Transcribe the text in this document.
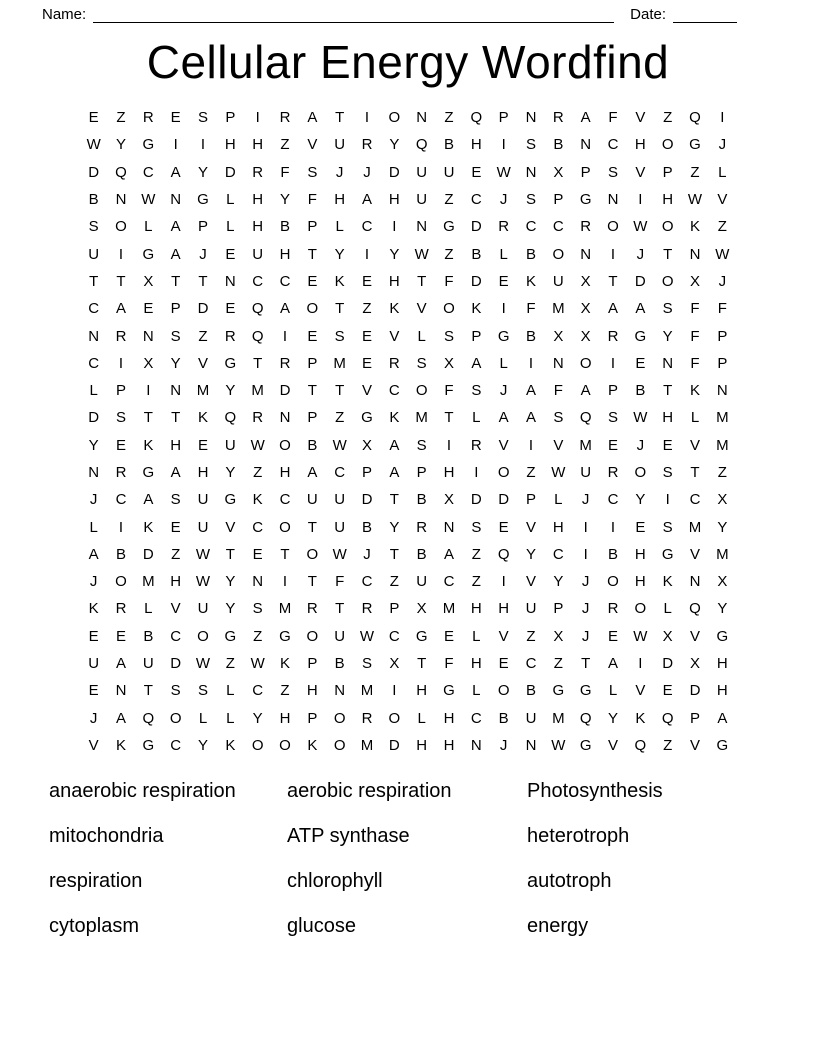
Name:	Date:
Cellular Energy Wordfind
E	Z	R	E	S	P	I	R	A	T	I	O	N	Z	Q	P	N	R	A	F	V	Z	Q	I
W	Y	G	I	I	H	H	Z	V	U	R	Y	Q	B	H	I	S	B	N	C	H	O	G	J
D	Q	C	A	Y	D	R	F	S	J	J	D	U	U	E	W N	X	P	S	V	P	Z	L
B	N W N	G	L	H	Y	F	H	A	H	U	Z	C	J	S	P	G	N	I	H W	V
S	O	L	A	P	L	H	B	P	L	C	I	N	G	D	R	C	C	R	O W O	K	Z
U	I	G	A	J	E	U	H	T	Y	I	Y	W	Z	B	L	B	O	N	I	J	T	N W
T	T	X	T	T	N	C	C	E	K	E	H	T	F	D	E	K	U	X	T	D	O	X	J
C	A	E	P	D	E	Q	A	O	T	Z	K	V	O	K	I	F	M	X	A	A	S	F	F
N	R	N	S	Z	R	Q	I	E	S	E	V	L	S	P	G	B	X	X	R	G	Y	F	P
C	I	X	Y	V	G	T	R	P	M	E	R	S	X	A	L	I	N	O	I	E	N	F	P
L	P	I	N	M	Y	M	D	T	T	V	C	O	F	S	J	A	F	A	P	B	T	K	N
D	S	T	T	K	Q	R	N	P	Z	G	K	M	T	L	A	A	S	Q	S	W H	L	M
Y	E	K	H	E	U W O	B	W	X	A	S	I	R	V	I	V	M	E	J	E	V	M
N	R	G	A	H	Y	Z	H	A	C	P	A	P	H	I	O	Z	W U	R	O	S	T	Z
J	C	A	S	U	G	K	C	U	U	D	T	B	X	D	D	P	L	J	C	Y	I	C	X
L	I	K	E	U	V	C	O	T	U	B	Y	R	N	S	E	V	H	I	I	E	S	M	Y
A	B	D	Z	W	T	E	T	O W	J	T	B	A	Z	Q	Y	C	I	B	H	G	V	M
J	O	M	H W	Y	N	I	T	F	C	Z	U	C	Z	I	V	Y	J	O	H	K	N	X
K	R	L	V	U	Y	S	M	R	T	R	P	X	M	H	H	U	P	J	R	O	L	Q	Y
E	E	B	C	O	G	Z	G	O	U W C	G	E	L	V	Z	X	J	E	W	X	V	G
U	A	U	D W	Z	W	K	P	B	S	X	T	F	H	E	C	Z	T	A	I	D	X	H
E	N	T	S	S	L	C	Z	H	N	M	I	H	G	L	O	B	G	G	L	V	E	D	H
J	A	Q	O	L	L	Y	H	P	O	R	O	L	H	C	B	U	M	Q	Y	K	Q	P	A
V	K	G	C	Y	K	O	O	K	O	M	D	H	H	N	J	N W G	V	Q	Z	V	G
anaerobic respiration	aerobic respiration	Photosynthesis
mitochondria	ATP synthase	heterotroph
respiration	chlorophyll	autotroph
cytoplasm	glucose	energy
